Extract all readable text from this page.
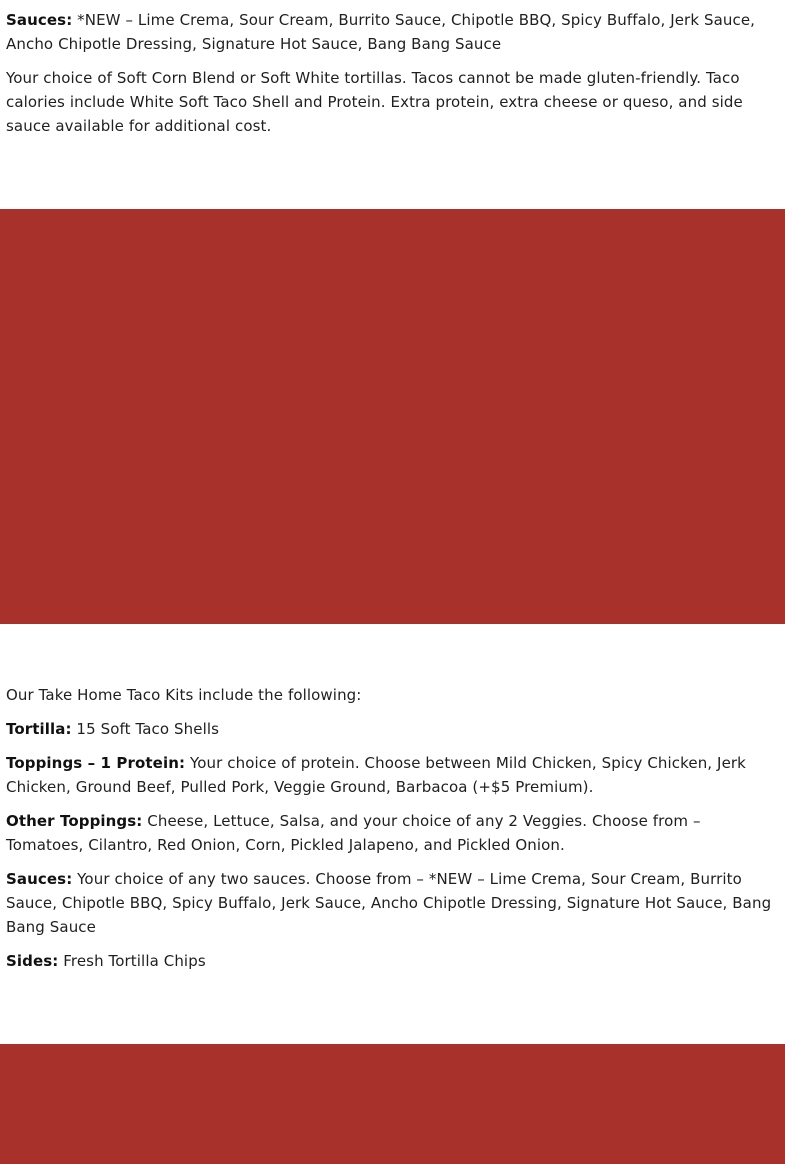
Sauces: *NEW – Lime Crema, Sour Cream, Burrito Sauce, Chipotle BBQ, Spicy Buffalo, Jerk Sauce, Ancho Chipotle Dressing, Signature Hot Sauce, Bang Bang Sauce

Your choice of Soft Corn Blend or Soft White tortillas. Tacos cannot be made gluten-friendly. Taco calories include White Soft Taco Shell and Protein. Extra protein, extra cheese or queso, and side sauce available for additional cost.

Our Take Home Taco Kits include the following:

Tortilla: 15 Soft Taco Shells

Toppings – 1 Protein: Your choice of protein. Choose between Mild Chicken, Spicy Chicken, Jerk Chicken, Ground Beef, Pulled Pork, Veggie Ground, Barbacoa (+$5 Premium).

Other Toppings: Cheese, Lettuce, Salsa, and your choice of any 2 Veggies. Choose from – Tomatoes, Cilantro, Red Onion, Corn, Pickled Jalapeno, and Pickled Onion.

Sauces: Your choice of any two sauces. Choose from – *NEW – Lime Crema, Sour Cream, Burrito Sauce, Chipotle BBQ, Spicy Buffalo, Jerk Sauce, Ancho Chipotle Dressing, Signature Hot Sauce, Bang Bang Sauce

Sides: Fresh Tortilla Chips
